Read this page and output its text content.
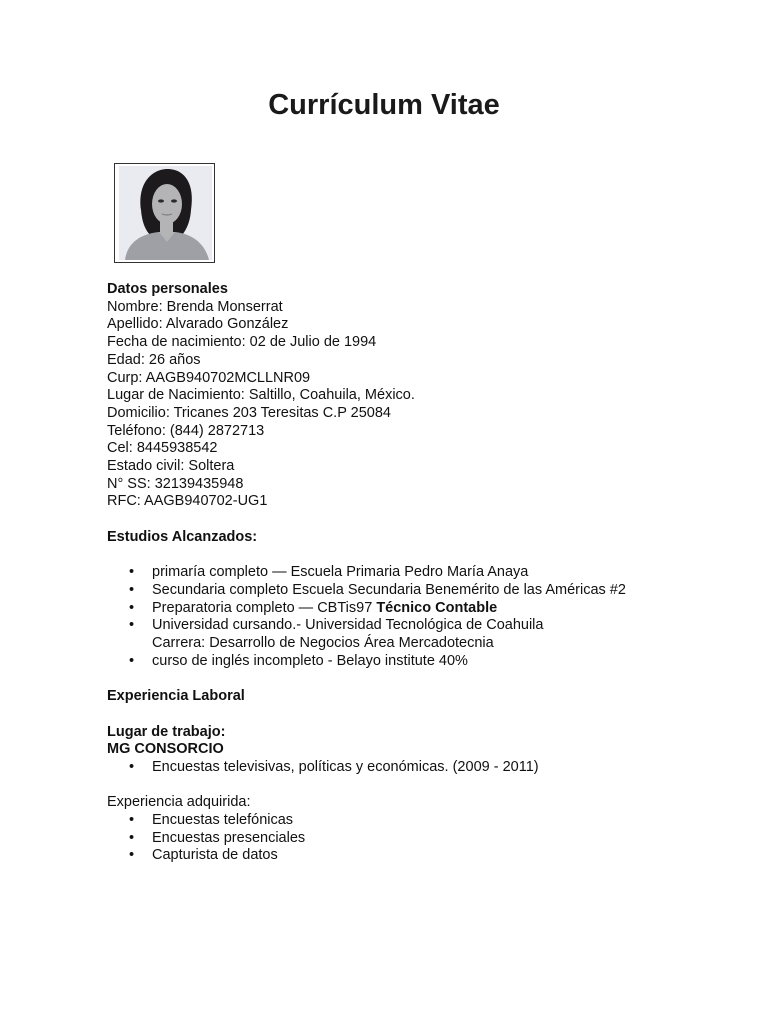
Currículum Vitae

Datos personales

Nombre: Brenda Monserrat

Apellido: Alvarado González

Fecha de nacimiento: 02 de Julio de 1994

Edad: 26 años

Curp: AAGB940702MCLLNR09

Lugar de Nacimiento: Saltillo, Coahuila, México.

Domicilio: Tricanes 203 Teresitas C.P 25084

Teléfono: (844) 2872713

Cel: 8445938542

Estado civil: Soltera

N° SS: 32139435948

RFC: AAGB940702-UG1

Estudios Alcanzados:

• primaría completo — Escuela Primaria Pedro María Anaya
• Secundaria completo Escuela Secundaria Benemérito de las Américas #2
• Preparatoria completo — CBTis97 Técnico Contable
• Universidad cursando.- Universidad Tecnológica de Coahuila
Carrera: Desarrollo de Negocios Área Mercadotecnia
• curso de inglés incompleto - Belayo institute 40%

Experiencia Laboral

Lugar de trabajo:

MG CONSORCIO

• Encuestas televisivas, políticas y económicas. (2009 - 2011)

Experiencia adquirida:

• Encuestas telefónicas
• Encuestas presenciales
• Capturista de datos
